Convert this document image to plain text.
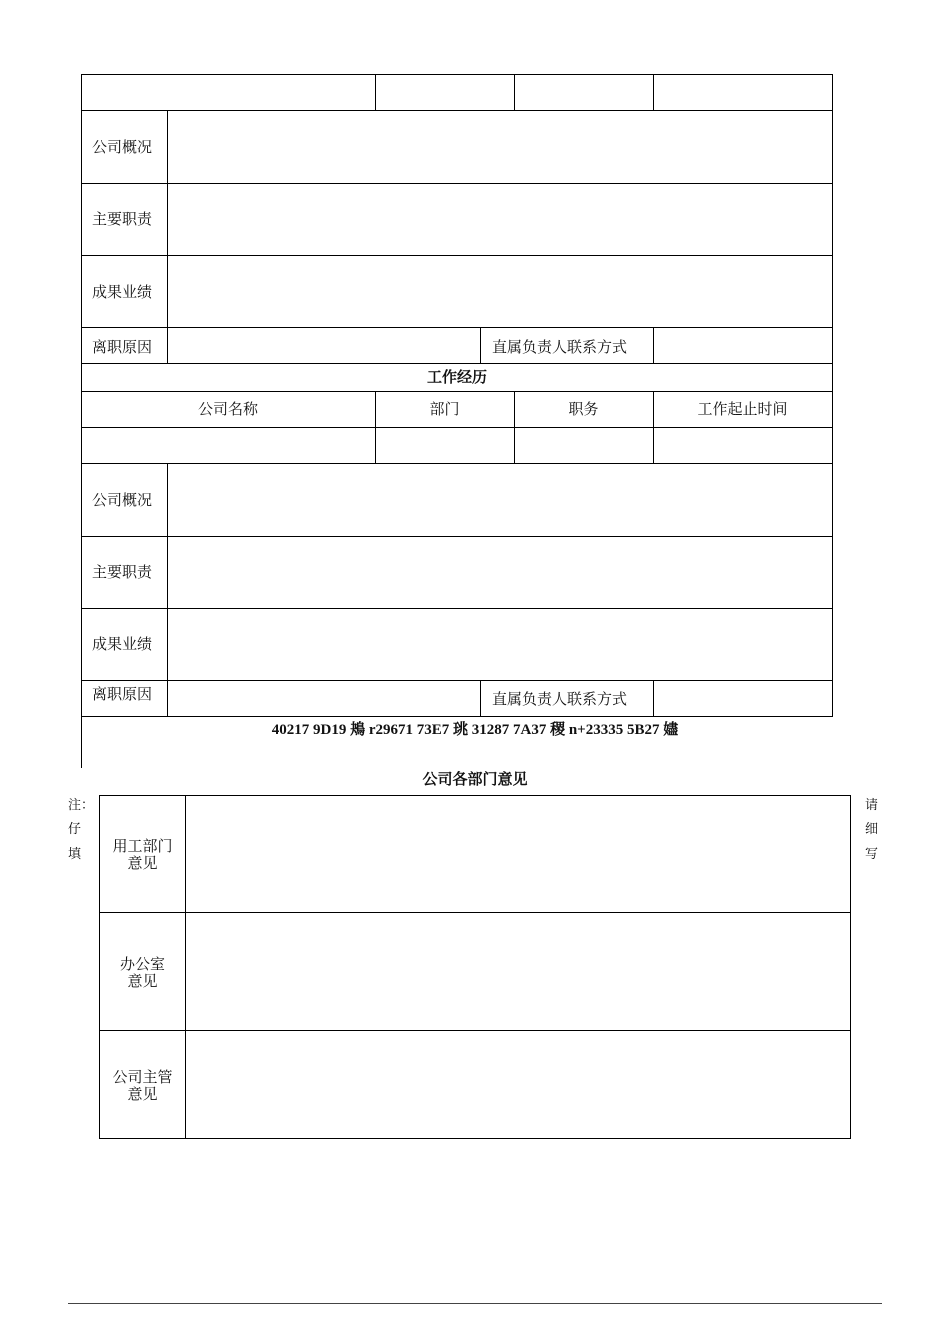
公司概况
主要职责
成果业绩
离职原因	直属负责人联系方式
工作经历
公司名称	部门	职务	工作起止时间
公司概况
主要职责
成果业绩
离职原因	直属负责人联系方式
40217 9D19 鴂 r29671 73E7 珧 31287 7A37 稷 n+23335 5B27 嬧
公司各部门意见
注：
仔
填
请
细
写
用工部门
意见
办公室
意见
公司主管
意见
